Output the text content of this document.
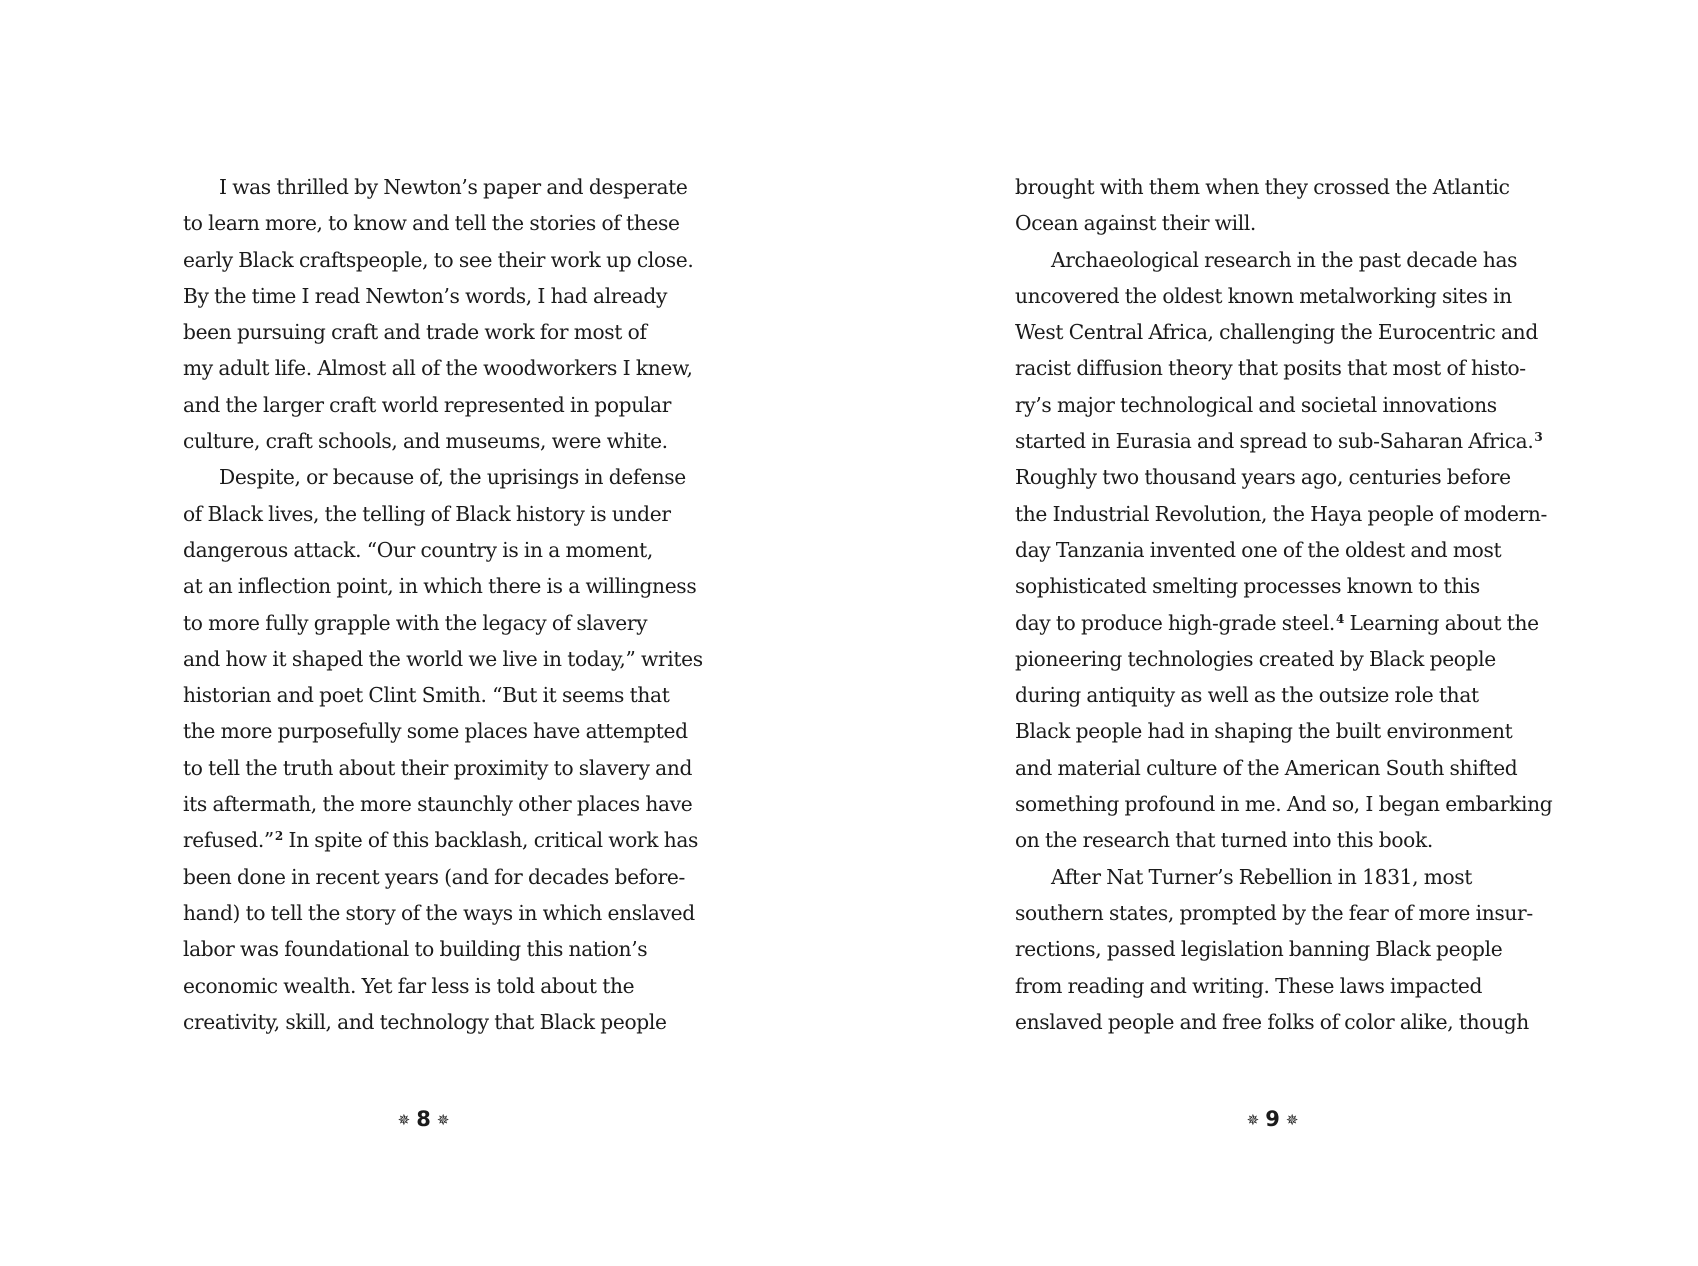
I was thrilled by Newton’s paper and desperate
to learn more, to know and tell the stories of these
early Black craftspeople, to see their work up close.
By the time I read Newton’s words, I had already
been pursuing craft and trade work for most of
my adult life. Almost all of the woodworkers I knew,
and the larger craft world represented in popular
culture, craft schools, and museums, were white.
Despite, or because of, the uprisings in defense
of Black lives, the telling of Black history is under
dangerous attack. “Our country is in a moment,
at an inflection point, in which there is a willingness
to more fully grapple with the legacy of slavery
and how it shaped the world we live in today,” writes
historian and poet Clint Smith. “But it seems that
the more purposefully some places have attempted
to tell the truth about their proximity to slavery and
its aftermath, the more staunchly other places have
refused.”$^2$ In spite of this backlash, critical work has
been done in recent years (and for decades before-
hand) to tell the story of the ways in which enslaved
labor was foundational to building this nation’s
economic wealth. Yet far less is told about the
creativity, skill, and technology that Black people
✵ 8 ✵
brought with them when they crossed the Atlantic
Ocean against their will.
Archaeological research in the past decade has
uncovered the oldest known metalworking sites in
West Central Africa, challenging the Eurocentric and
racist diffusion theory that posits that most of histo-
ry’s major technological and societal innovations
started in Eurasia and spread to sub-Saharan Africa.$^3$
Roughly two thousand years ago, centuries before
the Industrial Revolution, the Haya people of modern-
day Tanzania invented one of the oldest and most
sophisticated smelting processes known to this
day to produce high-grade steel.$^4$ Learning about the
pioneering technologies created by Black people
during antiquity as well as the outsize role that
Black people had in shaping the built environment
and material culture of the American South shifted
something profound in me. And so, I began embarking
on the research that turned into this book.
After Nat Turner’s Rebellion in 1831, most
southern states, prompted by the fear of more insur-
rections, passed legislation banning Black people
from reading and writing. These laws impacted
enslaved people and free folks of color alike, though
✵ 9 ✵
